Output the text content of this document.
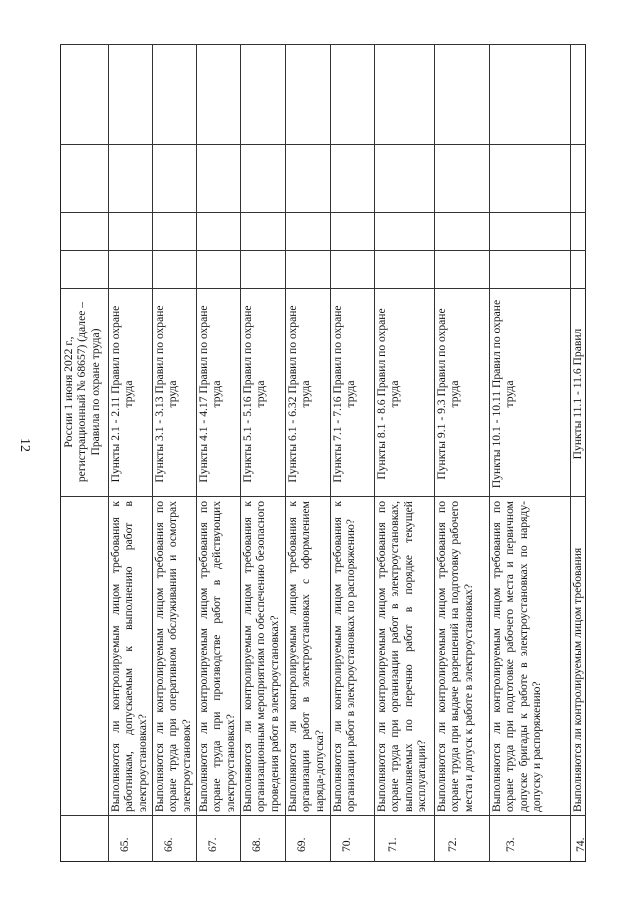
12	России 1 июня 2022 г., регистрационный № 68657) (далее – Правила по охране труда)
65.
Выполняются ли контролируемым лицом требования к работникам, допускаемым к выполнению работ в электроустановках?
Пункты 2.1 - 2.11 Правил по охране труда
66.
Выполняются ли контролируемым лицом требования по охране труда при оперативном обслуживании и осмотрах электроустановок?
Пункты 3.1 - 3.13 Правил по охране труда
67.
Выполняются ли контролируемым лицом требования по охране труда при производстве работ в действующих электроустановках?
Пункты 4.1 - 4.17 Правил по охране труда
68.
Выполняются ли контролируемым лицом требования к организационным мероприятиям по обеспечению безопасного проведения работ в электроустановках?
Пункты 5.1 - 5.16 Правил по охране труда
69.
Выполняются ли контролируемым лицом требования к организации работ в электроустановках с оформлением наряда-допуска?
Пункты 6.1 - 6.32 Правил по охране труда
70.
Выполняются ли контролируемым лицом требования к организации работ в электроустановках по распоряжению?
Пункты 7.1 - 7.16 Правил по охране труда
71.
Выполняются ли контролируемым лицом требования по охране труда при организации работ в электроустановках, выполняемых по перечню работ в порядке текущей эксплуатации?
Пункты 8.1 - 8.6 Правил по охране труда
72.
Выполняются ли контролируемым лицом требования по охране труда при выдаче разрешений на подготовку рабочего места и допуск к работе в электроустановках?
Пункты 9.1 - 9.3 Правил по охране труда
73.
Выполняются ли контролируемым лицом требования по охране труда при подготовке рабочего места и первичном допуске бригады к работе в электроустановках по наряду-допуску и распоряжению?
Пункты 10.1 - 10.11 Правил по охране труда
74.
Выполняются ли контролируемым лицом требования
Пункты 11.1 - 11.6 Правил
